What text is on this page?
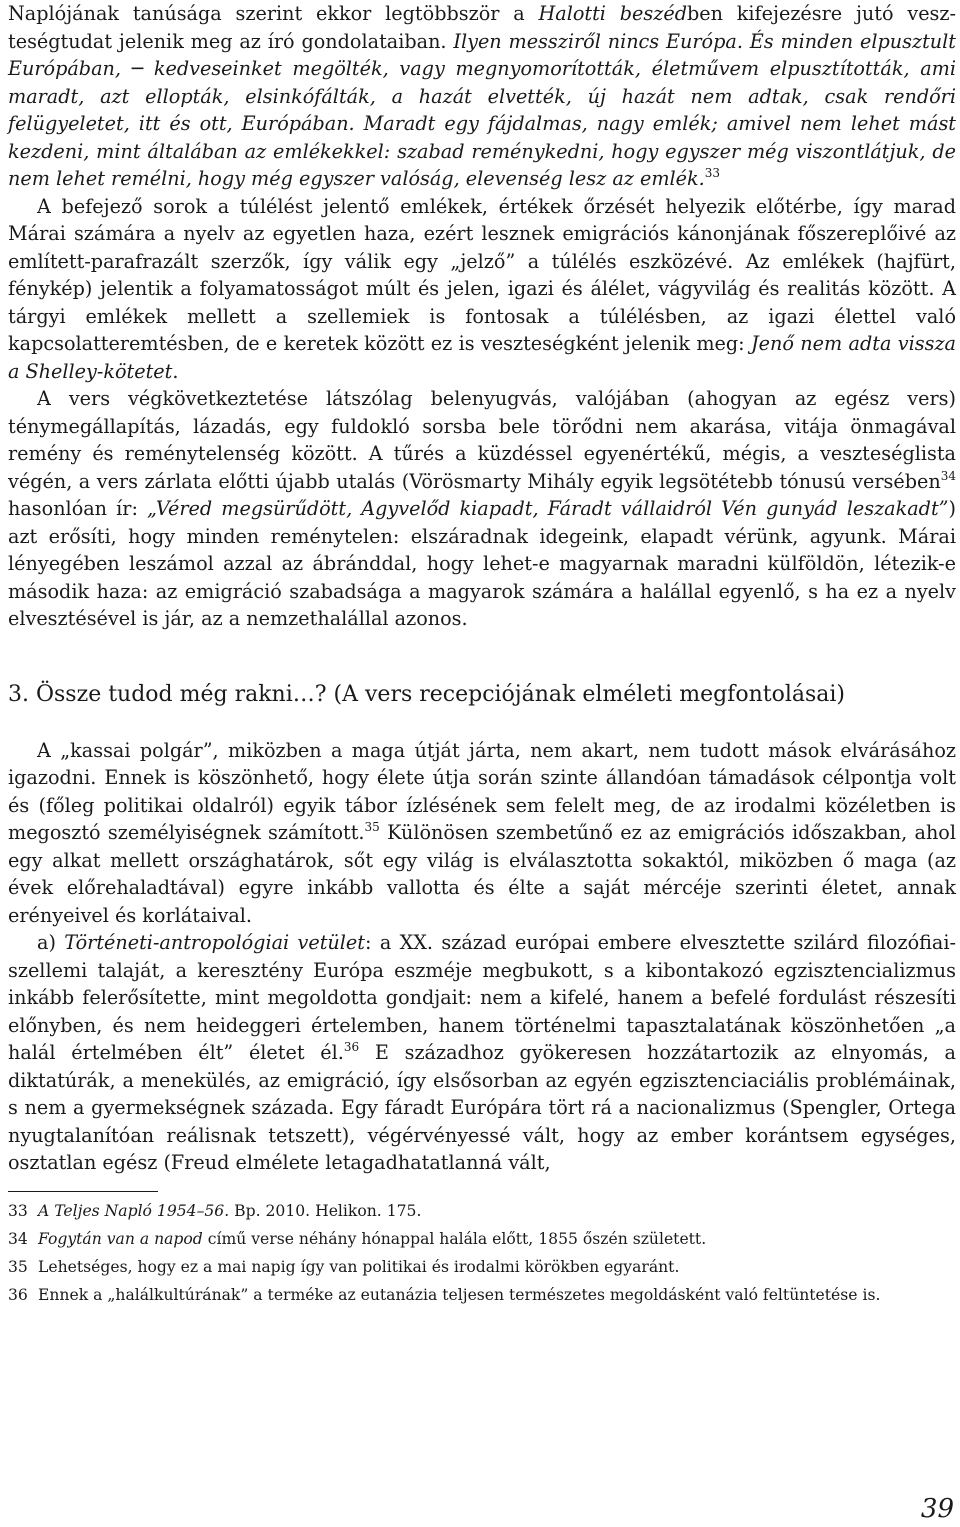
Naplójának tanúsága szerint ekkor legtöbbször a Halotti beszédben kifejezésre jutó veszteségtudat jelenik meg az író gondolataiban. Ilyen messziről nincs Európa. És minden elpusztult Európában, ─ kedveseinket megölték, vagy megnyomorították, életművem elpusztították, ami maradt, azt ellopták, elsinkófálták, a hazát elvették, új hazát nem adtak, csak rendőri felügyeletet, itt és ott, Európában. Maradt egy fájdalmas, nagy emlék; amivel nem lehet mást kezdeni, mint általában az emlékekkel: szabad reménykedni, hogy egyszer még viszontlátjuk, de nem lehet remélni, hogy még egyszer valóság, elevenség lesz az emlék.$^{33}$

A befejező sorok a túlélést jelentő emlékek, értékek őrzését helyezik előtérbe, így marad Márai számára a nyelv az egyetlen haza, ezért lesznek emigrációs kánonjának főszereplőivé az említett-parafrazált szerzők, így válik egy „jelző” a túlélés eszközévé. Az emlékek (hajfürt, fénykép) jelentik a folyamatosságot múlt és jelen, igazi és álélet, vágyvilág és realitás között. A tárgyi emlékek mellett a szellemiek is fontosak a túlélésben, az igazi élettel való kapcsolatteremtésben, de e keretek között ez is veszteségként jelenik meg: Jenő nem adta vissza a Shelley-kötetet.

A vers végkövetkeztetése látszólag belenyugvás, valójában (ahogyan az egész vers) ténymegállapítás, lázadás, egy fuldokló sorsba bele törődni nem akarása, vitája önmagával remény és reménytelenség között. A tűrés a küzdéssel egyenértékű, mégis, a veszteséglista végén, a vers zárlata előtti újabb utalás (Vörösmarty Mihály egyik legsötétebb tónusú versében$^{34}$ hasonlóan ír: „Véred megsürűdött, Agyvelőd kiapadt, Fáradt vállaidról Vén gunyád leszakadt”) azt erősíti, hogy minden reménytelen: elszáradnak idegeink, elapadt vérünk, agyunk. Márai lényegében leszámol azzal az ábránddal, hogy lehet-e magyarnak maradni külföldön, létezik-e második haza: az emigráció szabadsága a magyarok számára a halállal egyenlő, s ha ez a nyelv elvesztésével is jár, az a nemzethalállal azonos.

3. Össze tudod még rakni…? (A vers recepciójának elméleti megfontolásai)

A „kassai polgár”, miközben a maga útját járta, nem akart, nem tudott mások elvárásához igazodni. Ennek is köszönhető, hogy élete útja során szinte állandóan támadások célpontja volt és (főleg politikai oldalról) egyik tábor ízlésének sem felelt meg, de az irodalmi közéletben is megosztó személyiségnek számított.$^{35}$ Különösen szembetűnő ez az emigrációs időszakban, ahol egy alkat mellett országhatárok, sőt egy világ is elválasztotta sokaktól, miközben ő maga (az évek előrehaladtával) egyre inkább vallotta és élte a saját mércéje szerinti életet, annak erényeivel és korlátaival.

a) Történeti-antropológiai vetület: a XX. század európai embere elvesztette szilárd filozófiai-szellemi talaját, a keresztény Európa eszméje megbukott, s a kibontakozó egzisztencializmus inkább felerősítette, mint megoldotta gondjait: nem a kifelé, hanem a befelé fordulást részesíti előnyben, és nem heideggeri értelemben, hanem történelmi tapasztalatának köszönhetően „a halál értelmében élt” életet él.$^{36}$ E századhoz gyökeresen hozzátartozik az elnyomás, a diktatúrák, a menekülés, az emigráció, így elsősorban az egyén egzisztenciaciális problémáinak, s nem a gyermekségnek százada. Egy fáradt Európára tört rá a nacionalizmus (Spengler, Ortega nyugtalanítóan reálisnak tetszett), végérvényessé vált, hogy az ember korántsem egységes, osztatlan egész (Freud elmélete letagadhatatlanná vált,

33 A Teljes Napló 1954–56. Bp. 2010. Helikon. 175.

34 Fogytán van a napod című verse néhány hónappal halála előtt, 1855 őszén született.

35 Lehetséges, hogy ez a mai napig így van politikai és irodalmi körökben egyaránt.

36 Ennek a „halálkultúrának” a terméke az eutanázia teljesen természetes megoldásként való feltüntetése is.

39
